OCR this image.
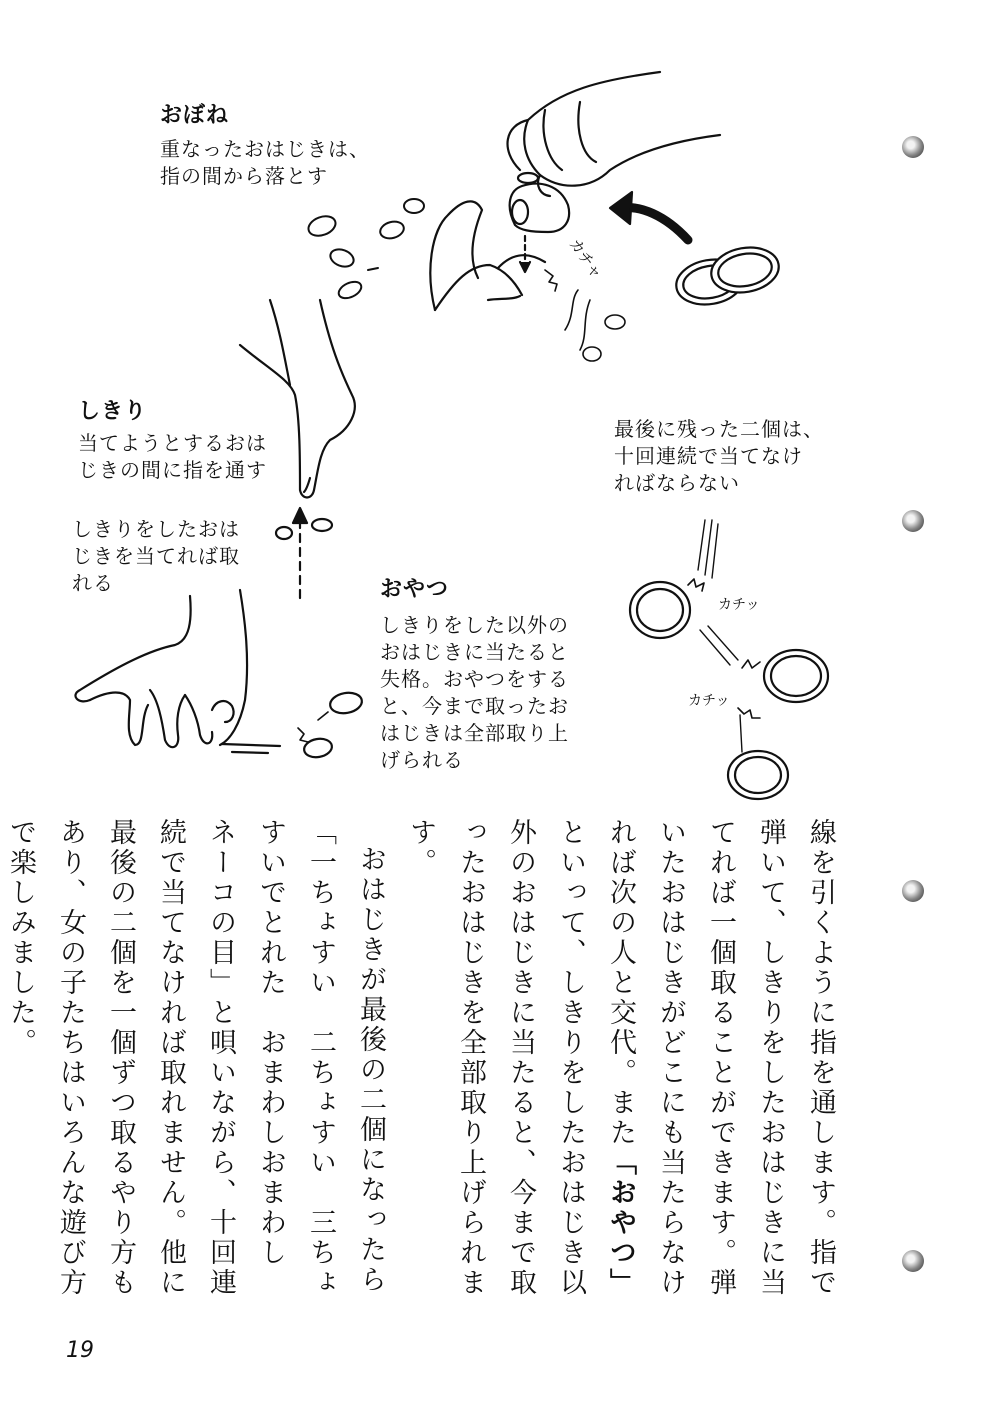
おぼね
重なったおはじきは、
指の間から落とす
しきり
当てようとするおは
じきの間に指を通す
しきりをしたおは
じきを当てれば取
れる	おやつ
しきりをした以外の
おはじきに当たると
失格。おやつをする
と、今まで取ったお
はじきは全部取り上
げられる
最後に残った二個は、
十回連続で当てなけ
ればならない
カチャ
カチッ
カチッ

線を引くように指を通します。指で弾いて、しきりをしたおはじきに当てれば一個取ることができます。弾いたおはじきがどこにも当たらなければ次の人と交代。また「おやつ」といって、しきりをしたおはじき以外のおはじきに当たると、今まで取ったおはじきを全部取り上げられます。

おはじきが最後の二個になったら「一ちょすい　二ちょすい　三ちょすいでとれた　おまわしおまわし　ネーコの目」と唄いながら、十回連続で当てなければ取れません。他に最後の二個を一個ずつ取るやり方もあり、女の子たちはいろんな遊び方で楽しみました。

19
